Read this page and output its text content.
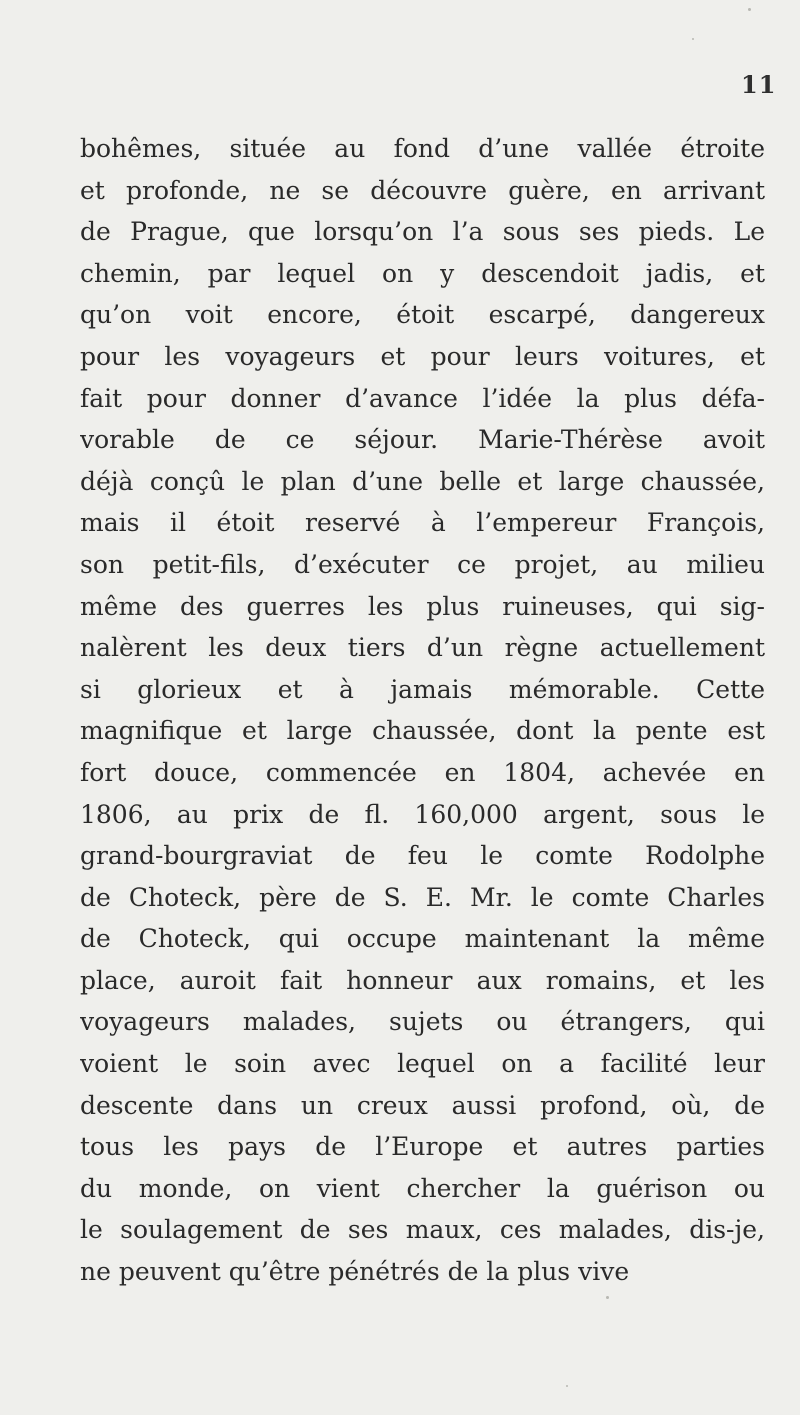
11
bohêmes, située au fond d’une vallée étroite
et profonde, ne se découvre guère, en arrivant
de Prague, que lorsqu’on l’a sous ses pieds. Le
chemin, par lequel on y descendoit jadis, et
qu’on voit encore, étoit escarpé, dangereux
pour les voyageurs et pour leurs voitures, et
fait pour donner d’avance l’idée la plus défa-
vorable de ce séjour. Marie-Thérèse avoit
déjà conçû le plan d’une belle et large chaussée,
mais il étoit reservé à l’empereur François,
son petit-fils, d’exécuter ce projet, au milieu
même des guerres les plus ruineuses, qui sig-
nalèrent les deux tiers d’un règne actuellement
si glorieux et à jamais mémorable. Cette
magnifique et large chaussée, dont la pente est
fort douce, commencée en 1804, achevée en
1806, au prix de fl. 160,000 argent, sous le
grand-bourgraviat de feu le comte Rodolphe
de Choteck, père de S. E. Mr. le comte Charles
de Choteck, qui occupe maintenant la même
place, auroit fait honneur aux romains, et les
voyageurs malades, sujets ou étrangers, qui
voient le soin avec lequel on a facilité leur
descente dans un creux aussi profond, où, de
tous les pays de l’Europe et autres parties
du monde, on vient chercher la guérison ou
le soulagement de ses maux, ces malades, dis-je,
ne peuvent qu’être pénétrés de la plus vive
